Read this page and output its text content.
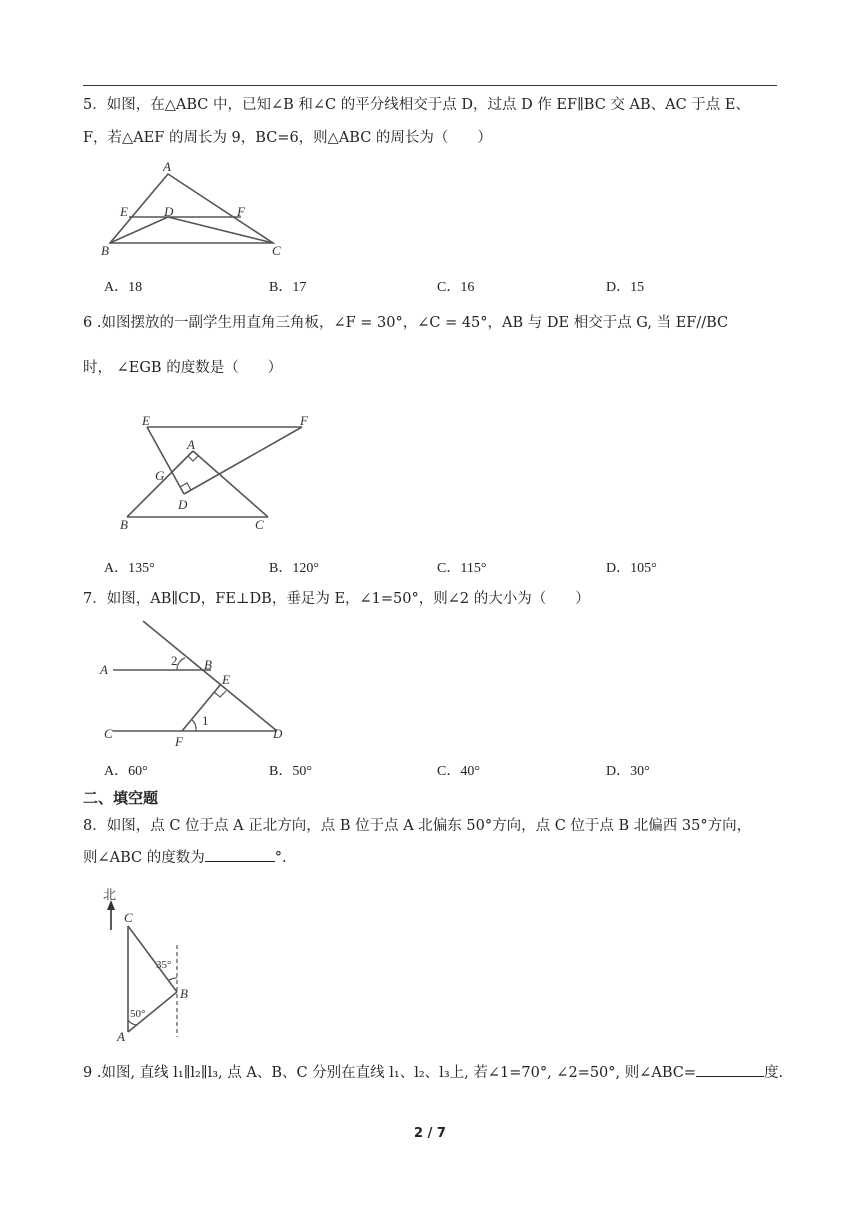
5．如图，在△ABC 中，已知∠B 和∠C 的平分线相交于点 D，过点 D 作 EF∥BC 交 AB、AC 于点 E、
F，若△AEF 的周长为 9，BC=6，则△ABC 的周长为（　　）
A
E	D	F
B	C
A．18	B．17	C．16	D．15
6 .如图摆放的一副学生用直角三角板，∠F = 30°，∠C = 45°，AB 与 DE 相交于点 G, 当 EF//BC
时， ∠EGB 的度数是（　　）
E	F
A
G
D
B	C
A．135°	B．120°	C．115°	D．105°
7．如图，AB∥CD，FE⊥DB，垂足为 E，∠1=50°，则∠2 的大小为（　　）
A	B
E
C
F
D
1
2
A．60°	B．50°	C．40°	D．30°
二、填空题
8．如图，点 C 位于点 A 正北方向，点 B 位于点 A 北偏东 50°方向，点 C 位于点 B 北偏西 35°方向，
则∠ABC 的度数为	°.
北
C
B
A
35°
50°
9 .如图, 直线 l₁∥l₂∥l₃, 点 A、B、C 分别在直线 l₁、l₂、l₃上, 若∠1=70°, ∠2=50°, 则∠ABC=	度.
2 / 7
